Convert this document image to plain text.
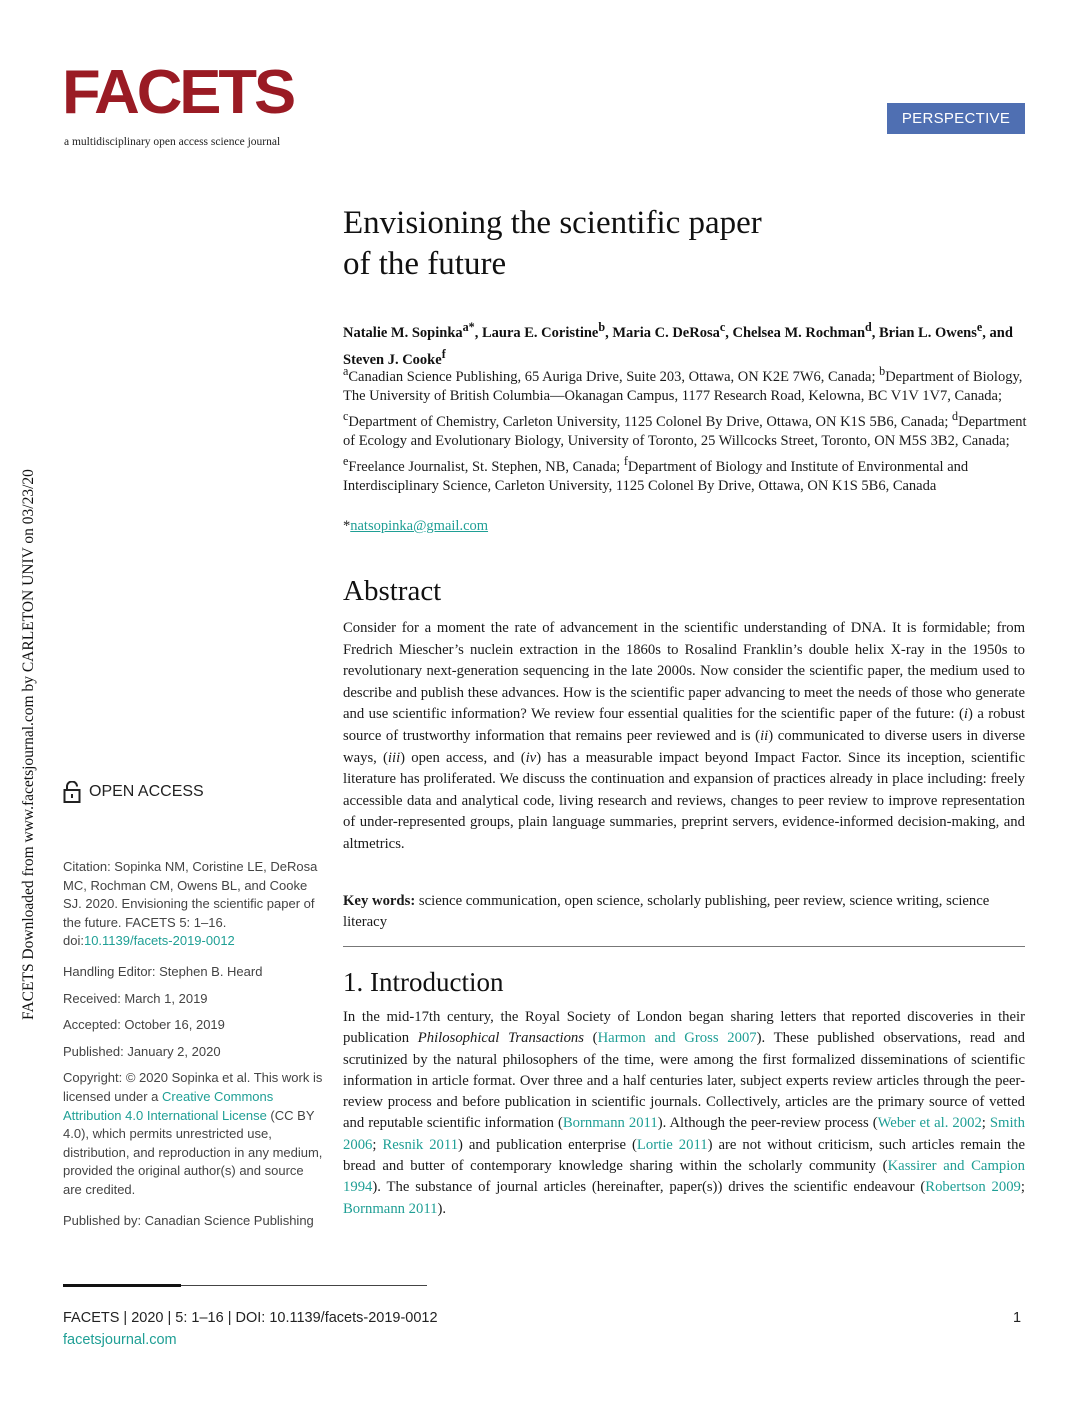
FACETS
a multidisciplinary open access science journal
PERSPECTIVE
FACETS Downloaded from www.facetsjournal.com by CARLETON UNIV on 03/23/20
Envisioning the scientific paper
of the future
Natalie M. Sopinka$^{a*}$, Laura E. Coristine$^b$, Maria C. DeRosa$^c$, Chelsea M. Rochman$^d$, Brian L. Owens$^e$, and Steven J. Cooke$^f$
$^a$Canadian Science Publishing, 65 Auriga Drive, Suite 203, Ottawa, ON K2E 7W6, Canada; $^b$Department of Biology, The University of British Columbia—Okanagan Campus, 1177 Research Road, Kelowna, BC V1V 1V7, Canada; $^c$Department of Chemistry, Carleton University, 1125 Colonel By Drive, Ottawa, ON K1S 5B6, Canada; $^d$Department of Ecology and Evolutionary Biology, University of Toronto, 25 Willcocks Street, Toronto, ON M5S 3B2, Canada; $^e$Freelance Journalist, St. Stephen, NB, Canada; $^f$Department of Biology and Institute of Environmental and Interdisciplinary Science, Carleton University, 1125 Colonel By Drive, Ottawa, ON K1S 5B6, Canada
*natsopinka@gmail.com
Abstract

Consider for a moment the rate of advancement in the scientific understanding of DNA. It is formidable; from Fredrich Miescher’s nuclein extraction in the 1860s to Rosalind Franklin’s double helix X-ray in the 1950s to revolutionary next-generation sequencing in the late 2000s. Now consider the scientific paper, the medium used to describe and publish these advances. How is the scientific paper advancing to meet the needs of those who generate and use scientific information? We review four essential qualities for the scientific paper of the future: (i) a robust source of trustworthy information that remains peer reviewed and is (ii) communicated to diverse users in diverse ways, (iii) open access, and (iv) has a measurable impact beyond Impact Factor. Since its inception, scientific literature has proliferated. We discuss the continuation and expansion of practices already in place including: freely accessible data and analytical code, living research and reviews, changes to peer review to improve representation of under-represented groups, plain language summaries, preprint servers, evidence-informed decision-making, and altmetrics.

Key words: science communication, open science, scholarly publishing, peer review, science writing, science literacy
1. Introduction

In the mid-17th century, the Royal Society of London began sharing letters that reported discoveries in their publication Philosophical Transactions (Harmon and Gross 2007). These published observations, read and scrutinized by the natural philosophers of the time, were among the first formalized disseminations of scientific information in article format. Over three and a half centuries later, subject experts review articles through the peer-review process and before publication in scientific journals. Collectively, articles are the primary source of vetted and reputable scientific information (Bornmann 2011). Although the peer-review process (Weber et al. 2002; Smith 2006; Resnik 2011) and publication enterprise (Lortie 2011) are not without criticism, such articles remain the bread and butter of contemporary knowledge sharing within the scholarly community (Kassirer and Campion 1994). The substance of journal articles (hereinafter, paper(s)) drives the scientific endeavour (Robertson 2009; Bornmann 2011).

OPEN ACCESS
Citation: Sopinka NM, Coristine LE, DeRosa MC, Rochman CM, Owens BL, and Cooke SJ. 2020. Envisioning the scientific paper of the future. FACETS 5: 1–16. doi:10.1139/facets-2019-0012
Handling Editor: Stephen B. Heard
Received: March 1, 2019
Accepted: October 16, 2019
Published: January 2, 2020
Copyright: © 2020 Sopinka et al. This work is licensed under a Creative Commons Attribution 4.0 International License (CC BY 4.0), which permits unrestricted use, distribution, and reproduction in any medium, provided the original author(s) and source are credited.
Published by: Canadian Science Publishing
FACETS | 2020 | 5: 1–16 | DOI: 10.1139/facets-2019-0012
facetsjournal.com
1
